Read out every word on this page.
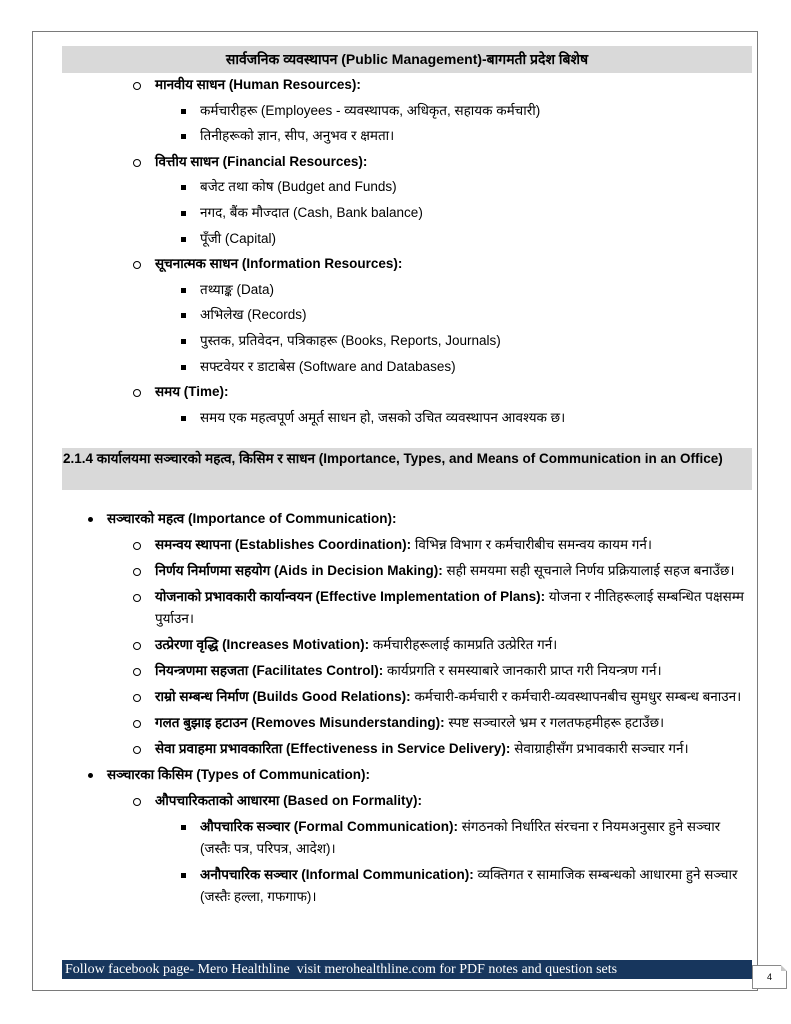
सार्वजनिक व्यवस्थापन (Public Management)-बागमती प्रदेश बिशेष
मानवीय साधन (Human Resources):
कर्मचारीहरू (Employees - व्यवस्थापक, अधिकृत, सहायक कर्मचारी)
तिनीहरूको ज्ञान, सीप, अनुभव र क्षमता।
वित्तीय साधन (Financial Resources):
बजेट तथा कोष (Budget and Funds)
नगद, बैंक मौज्दात (Cash, Bank balance)
पूँजी (Capital)
सूचनात्मक साधन (Information Resources):
तथ्याङ्क (Data)
अभिलेख (Records)
पुस्तक, प्रतिवेदन, पत्रिकाहरू (Books, Reports, Journals)
सफ्टवेयर र डाटाबेस (Software and Databases)
समय (Time):
समय एक महत्वपूर्ण अमूर्त साधन हो, जसको उचित व्यवस्थापन आवश्यक छ।
2.1.4 कार्यालयमा सञ्चारको महत्व, किसिम र साधन (Importance, Types, and Means of Communication in an Office)
सञ्चारको महत्व (Importance of Communication):
समन्वय स्थापना (Establishes Coordination): विभिन्न विभाग र कर्मचारीबीच समन्वय कायम गर्न।
निर्णय निर्माणमा सहयोग (Aids in Decision Making): सही समयमा सही सूचनाले निर्णय प्रक्रियालाई सहज बनाउँछ।
योजनाको प्रभावकारी कार्यान्वयन (Effective Implementation of Plans): योजना र नीतिहरूलाई सम्बन्धित पक्षसम्म पुर्याउन।
उत्प्रेरणा वृद्धि (Increases Motivation): कर्मचारीहरूलाई कामप्रति उत्प्रेरित गर्न।
नियन्त्रणमा सहजता (Facilitates Control): कार्यप्रगति र समस्याबारे जानकारी प्राप्त गरी नियन्त्रण गर्न।
राम्रो सम्बन्ध निर्माण (Builds Good Relations): कर्मचारी-कर्मचारी र कर्मचारी-व्यवस्थापनबीच सुमधुर सम्बन्ध बनाउन।
गलत बुझाइ हटाउन (Removes Misunderstanding): स्पष्ट सञ्चारले भ्रम र गलतफहमीहरू हटाउँछ।
सेवा प्रवाहमा प्रभावकारिता (Effectiveness in Service Delivery): सेवाग्राहीसँग प्रभावकारी सञ्चार गर्न।
सञ्चारका किसिम (Types of Communication):
औपचारिकताको आधारमा (Based on Formality):
औपचारिक सञ्चार (Formal Communication): संगठनको निर्धारित संरचना र नियमअनुसार हुने सञ्चार (जस्तैः पत्र, परिपत्र, आदेश)।
अनौपचारिक सञ्चार (Informal Communication): व्यक्तिगत र सामाजिक सम्बन्धको आधारमा हुने सञ्चार (जस्तैः हल्ला, गफगाफ)।
Follow facebook page- Mero Healthline  visit merohealthline.com for PDF notes and question sets	4
